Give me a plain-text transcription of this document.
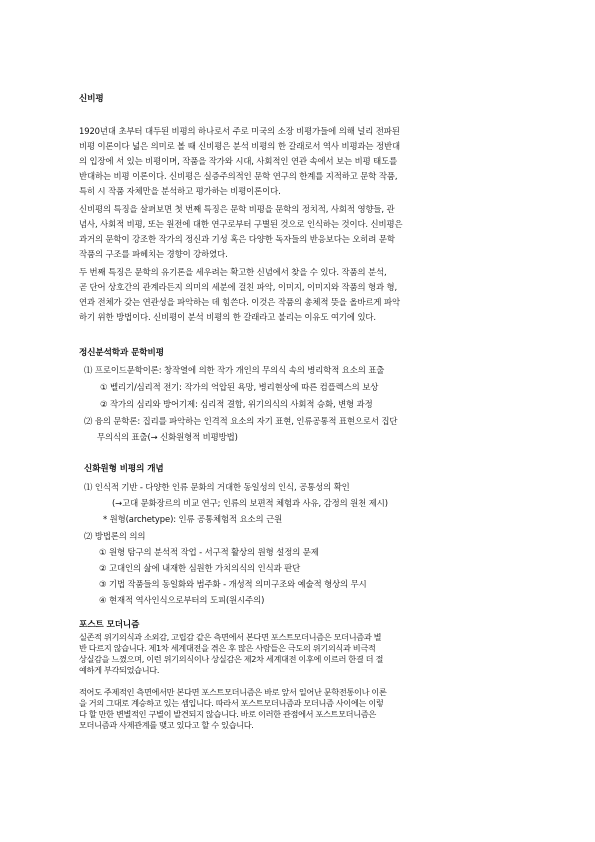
신비평
1920년대 초부터 대두된 비평의 하나로서 주로 미국의 소장 비평가들에 의해 널리 전파된
비평 이론이다 넓은 의미로 볼 때 신비평은 분석 비평의 한 갈래로서 역사 비평과는 정반대
의 입장에 서 있는 비평이며, 작품을 작가와 시대, 사회적인 연관 속에서 보는 비평 태도를
반대하는 비평 이론이다. 신비평은 실증주의적인 문학 연구의 한계를 지적하고 문학 작품,
특히 시 작품 자체만을 분석하고 평가하는 비평이론이다.
신비평의 특징을 살펴보면 첫 번째 특징은 문학 비평을 문학의 정치적, 사회적 영향들, 관
념사, 사회적 비평, 또는 원전에 대한 연구로부터 구별된 것으로 인식하는 것이다. 신비평은
과거의 문학이 강조한 작가의 정신과 기성 혹은 다양한 독자들의 반응보다는 오히려 문학
작품의 구조를 파헤치는 경향이 강하였다.
두 번째 특징은 문학의 유기론을 세우려는 확고한 신념에서 찾을 수 있다. 작품의 분석,
곧 단어 상호간의 관계라든지 의미의 세분에 걸친 파악, 이미지, 이미지와 작품의 형과 형,
연과 전체가 갖는 연관성을 파악하는 데 힘쓴다. 이것은 작품의 총체적 뜻을 올바르게 파악
하기 위한 방법이다. 신비평이 분석 비평의 한 갈래라고 불리는 이유도 여기에 있다.
정신분석학과 문학비평
⑴ 프로이드문학이론: 창작열에 의한 작가 개인의 무의식 속의 병리학적 요소의 표출
① 벨리기/심리적 전기: 작가의 억압된 욕망, 병리현상에 따른 컴플렉스의 보상
② 작가의 심리와 방어기제: 심리적 결함, 위기의식의 사회적 승화, 변형 과정
⑵ 융의 문학론: 집리를 파악하는 인격적 요소의 자기 표현, 인류공통적 표현으로서 집단
무의식의 표출(→ 신화원형적 비평방법)
신화원형 비평의 개념
⑴ 인식적 기반 - 다양한 인류 문화의 거대한 동일성의 인식, 공통성의 확인
(→고대 문화장르의 비교 연구; 인류의 보편적 체험과 사유, 감정의 원천 제시)
* 원형(archetype): 인류 공통체험적 요소의 근원
⑵ 방법론의 의의
① 원형 탐구의 분석적 작업 - 서구적 활상의 원형 설정의 문제
② 고대인의 삶에 내재한 심원한 가치의식의 인식과 판단
③ 기법 작품들의 동일화와 범주화 - 개성적 의미구조와 예술적 형상의 무시
④ 현재적 역사인식으로부터의 도피(원시주의)
포스트 모더니즘
실존적 위기의식과 소외감, 고립감 같은 측면에서 본다면 포스트모더니즘은 모더니즘과 별
반 다르지 않습니다. 제1차 세계대전을 겪은 후 많은 사람들은 극도의 위기의식과 비극적
상실감을 느꼈으며, 이런 위기의식이나 상실감은 제2차 세계대전 이후에 이르러 한결 더 절
예하게 부각되었습니다.
적어도 주제적인 측면에서만 본다면 포스트모더니즘은 바로 앞서 일어난 문학전통이나 이론
을 거의 그대로 계승하고 있는 셈입니다. 따라서 포스트모더니즘과 모더니즘 사이에는 이렇
다 할 만한 변별적인 구별이 발견되지 않습니다. 바로 이러한 관점에서 포스트모더니즘은
모더니즘과 사제관계를 맺고 있다고 할 수 있습니다.
